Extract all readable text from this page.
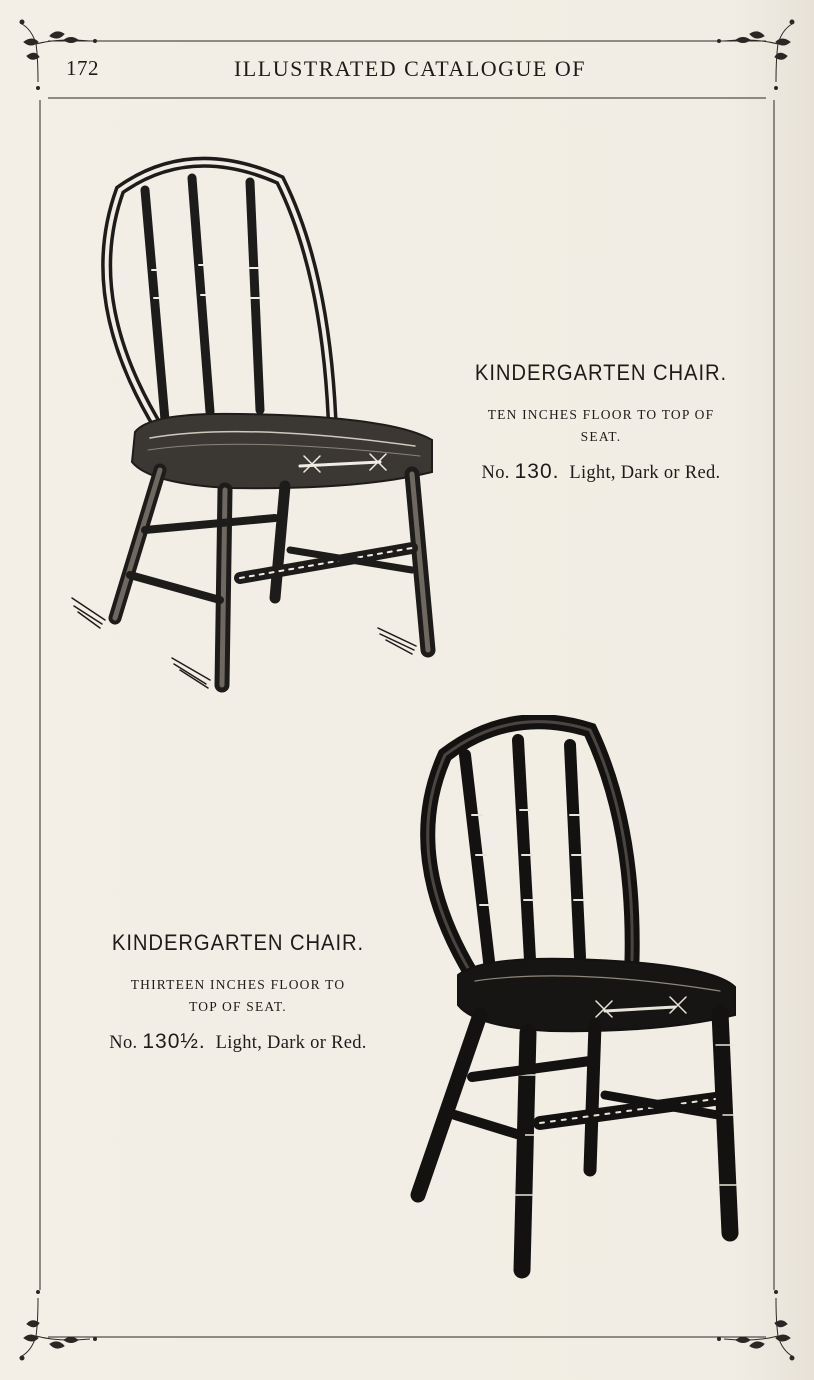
172	ILLUSTRATED CATALOGUE OF
KINDERGARTEN CHAIR.
TEN INCHES FLOOR TO TOP OF
SEAT.
No. 130. Light, Dark or Red.
KINDERGARTEN CHAIR.
THIRTEEN INCHES FLOOR TO
TOP OF SEAT.
No. 130½. Light, Dark or Red.
